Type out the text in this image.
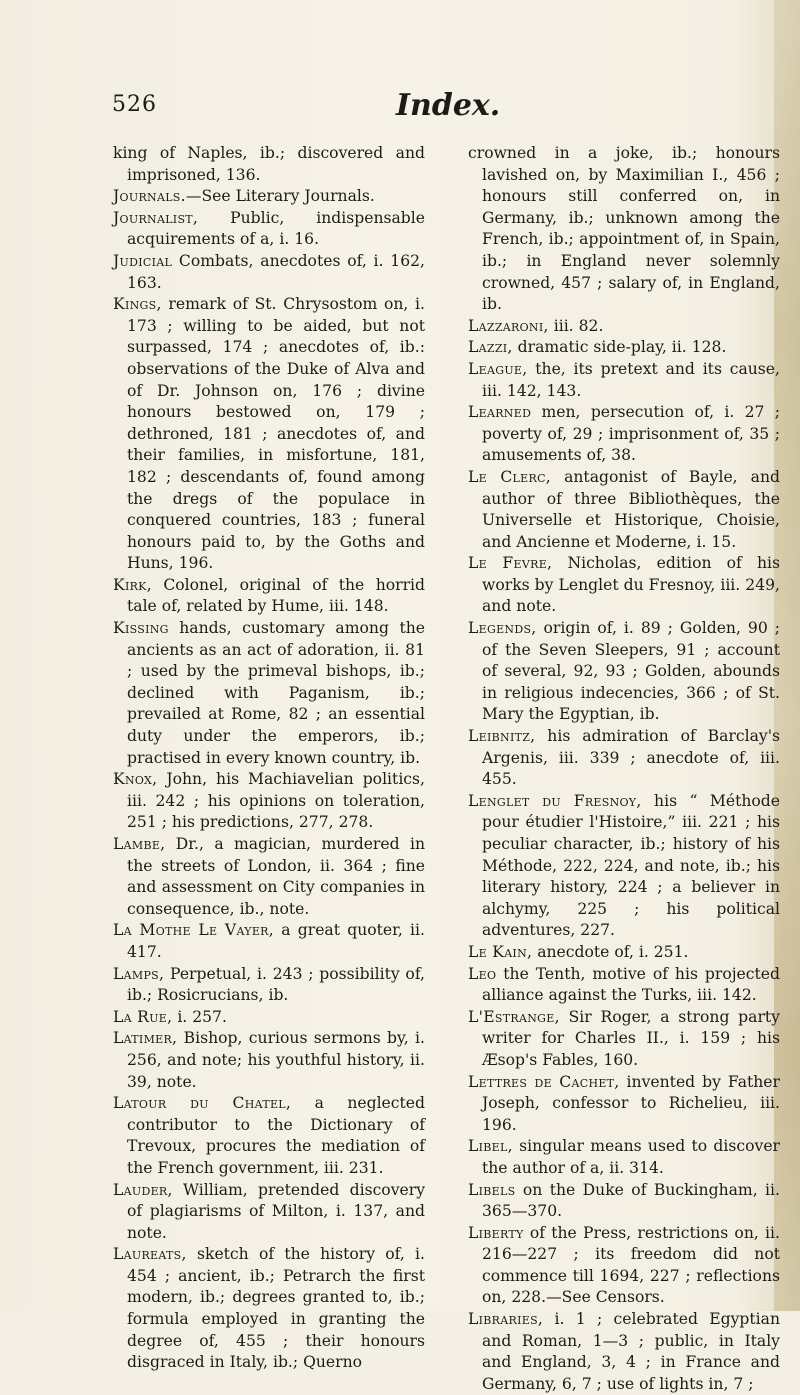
526	Index.

king of Naples, ib.; discovered and imprisoned, 136.

Journals.—See Literary Journals.

Journalist, Public, indispensable acquirements of a, i. 16.

Judicial Combats, anecdotes of, i. 162, 163.

Kings, remark of St. Chrysostom on, i. 173 ; willing to be aided, but not surpassed, 174 ; anecdotes of, ib.: observations of the Duke of Alva and of Dr. Johnson on, 176 ; divine honours bestowed on, 179 ; dethroned, 181 ; anecdotes of, and their families, in misfortune, 181, 182 ; descendants of, found among the dregs of the populace in conquered countries, 183 ; funeral honours paid to, by the Goths and Huns, 196.

Kirk, Colonel, original of the horrid tale of, related by Hume, iii. 148.

Kissing hands, customary among the ancients as an act of adoration, ii. 81 ; used by the primeval bishops, ib.; declined with Paganism, ib.; prevailed at Rome, 82 ; an essential duty under the emperors, ib.; practised in every known country, ib.

Knox, John, his Machiavelian politics, iii. 242 ; his opinions on toleration, 251 ; his predictions, 277, 278.

Lambe, Dr., a magician, murdered in the streets of London, ii. 364 ; fine and assessment on City companies in consequence, ib., note.

La Mothe Le Vayer, a great quoter, ii. 417.

Lamps, Perpetual, i. 243 ; possibility of, ib.; Rosicrucians, ib.

La Rue, i. 257.

Latimer, Bishop, curious sermons by, i. 256, and note; his youthful history, ii. 39, note.

Latour du Chatel, a neglected contributor to the Dictionary of Trevoux, procures the mediation of the French government, iii. 231.

Lauder, William, pretended discovery of plagiarisms of Milton, i. 137, and note.

Laureats, sketch of the history of, i. 454 ; ancient, ib.; Petrarch the first modern, ib.; degrees granted to, ib.; formula employed in granting the degree of, 455 ; their honours disgraced in Italy, ib.; Querno

crowned in a joke, ib.; honours lavished on, by Maximilian I., 456 ; honours still conferred on, in Germany, ib.; unknown among the French, ib.; appointment of, in Spain, ib.; in England never solemnly crowned, 457 ; salary of, in England, ib.

Lazzaroni, iii. 82.

Lazzi, dramatic side-play, ii. 128.

League, the, its pretext and its cause, iii. 142, 143.

Learned men, persecution of, i. 27 ; poverty of, 29 ; imprisonment of, 35 ; amusements of, 38.

Le Clerc, antagonist of Bayle, and author of three Bibliothèques, the Universelle et Historique, Choisie, and Ancienne et Moderne, i. 15.

Le Fevre, Nicholas, edition of his works by Lenglet du Fresnoy, iii. 249, and note.

Legends, origin of, i. 89 ; Golden, 90 ; of the Seven Sleepers, 91 ; account of several, 92, 93 ; Golden, abounds in religious indecencies, 366 ; of St. Mary the Egyptian, ib.

Leibnitz, his admiration of Barclay's Argenis, iii. 339 ; anecdote of, iii. 455.

Lenglet du Fresnoy, his “ Méthode pour étudier l'Histoire,” iii. 221 ; his peculiar character, ib.; history of his Méthode, 222, 224, and note, ib.; his literary history, 224 ; a believer in alchymy, 225 ; his political adventures, 227.

Le Kain, anecdote of, i. 251.

Leo the Tenth, motive of his projected alliance against the Turks, iii. 142.

L'Estrange, Sir Roger, a strong party writer for Charles II., i. 159 ; his Æsop's Fables, 160.

Lettres de Cachet, invented by Father Joseph, confessor to Richelieu, iii. 196.

Libel, singular means used to discover the author of a, ii. 314.

Libels on the Duke of Buckingham, ii. 365—370.

Liberty of the Press, restrictions on, ii. 216—227 ; its freedom did not commence till 1694, 227 ; reflections on, 228.—See Censors.

Libraries, i. 1 ; celebrated Egyptian and Roman, 1—3 ; public, in Italy and England, 3, 4 ; in France and Germany, 6, 7 ; use of lights in, 7 ;
